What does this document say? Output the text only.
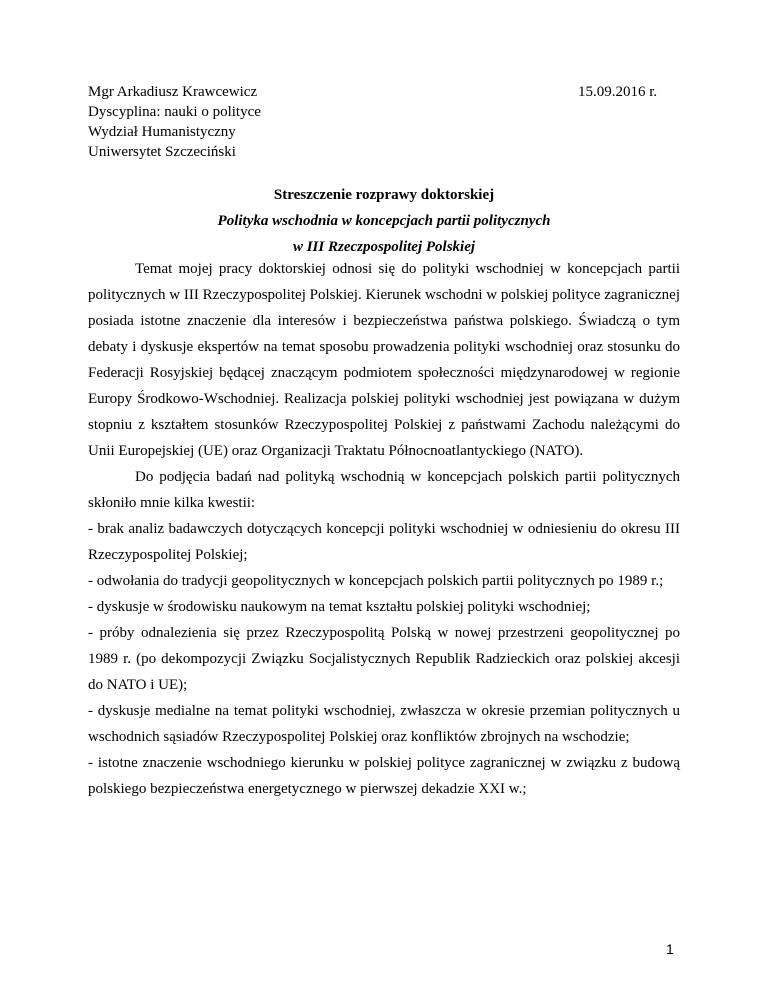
Mgr Arkadiusz Krawcewicz
Dyscyplina: nauki o polityce
Wydział Humanistyczny
Uniwersytet Szczeciński
15.09.2016 r.
Streszczenie rozprawy doktorskiej
Polityka wschodnia w koncepcjach partii politycznych
w III Rzeczpospolitej Polskiej

Temat mojej pracy doktorskiej odnosi się do polityki wschodniej w koncepcjach partii politycznych w III Rzeczypospolitej Polskiej. Kierunek wschodni w polskiej polityce zagranicznej posiada istotne znaczenie dla interesów i bezpieczeństwa państwa polskiego. Świadczą o tym debaty i dyskusje ekspertów na temat sposobu prowadzenia polityki wschodniej oraz stosunku do Federacji Rosyjskiej będącej znaczącym podmiotem społeczności międzynarodowej w regionie Europy Środkowo-Wschodniej. Realizacja polskiej polityki wschodniej jest powiązana w dużym stopniu z kształtem stosunków Rzeczypospolitej Polskiej z państwami Zachodu należącymi do Unii Europejskiej (UE) oraz Organizacji Traktatu Północnoatlantyckiego (NATO).

Do podjęcia badań nad polityką wschodnią w koncepcjach polskich partii politycznych skłoniło mnie kilka kwestii:

- brak analiz badawczych dotyczących koncepcji polityki wschodniej w odniesieniu do okresu III Rzeczypospolitej Polskiej;

- odwołania do tradycji geopolitycznych w koncepcjach polskich partii politycznych po 1989 r.;

- dyskusje w środowisku naukowym na temat kształtu polskiej polityki wschodniej;

- próby odnalezienia się przez Rzeczypospolitą Polską w nowej przestrzeni geopolitycznej po 1989 r. (po dekompozycji Związku Socjalistycznych Republik Radzieckich oraz polskiej akcesji do NATO i UE);

- dyskusje medialne na temat polityki wschodniej, zwłaszcza w okresie przemian politycznych u wschodnich sąsiadów Rzeczypospolitej Polskiej oraz konfliktów zbrojnych na wschodzie;

- istotne znaczenie wschodniego kierunku w polskiej polityce zagranicznej w związku z budową polskiego bezpieczeństwa energetycznego w pierwszej dekadzie XXI w.;

1
